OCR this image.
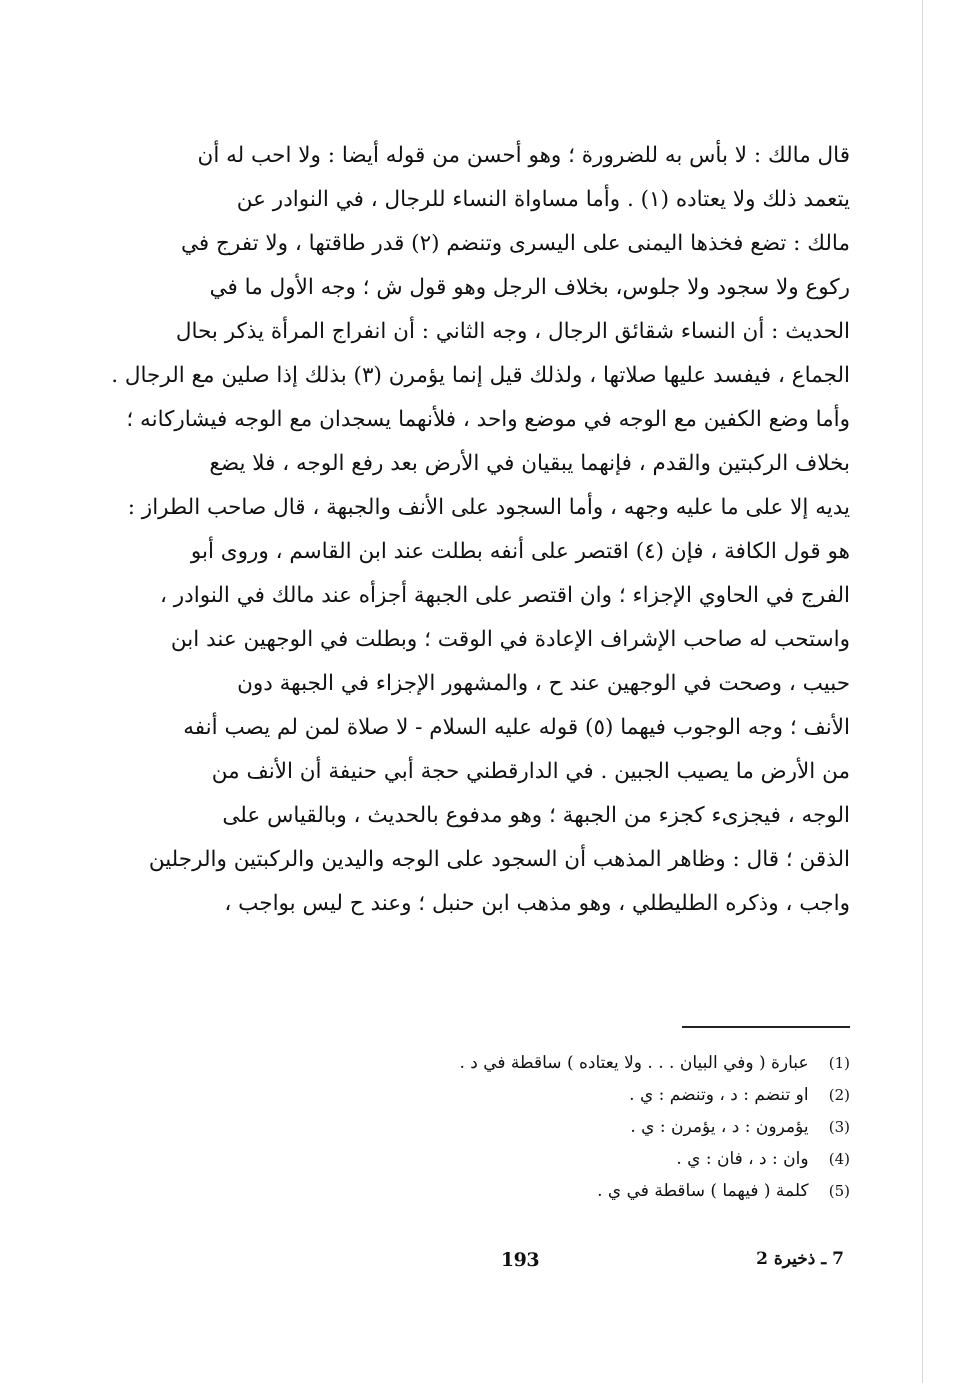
قال مالك : لا بأس به للضرورة ؛ وهو أحسن من قوله أيضا : ولا احب له أن
يتعمد ذلك ولا يعتاده (١) . وأما مساواة النساء للرجال ، في النوادر عن
مالك : تضع فخذها اليمنى على اليسرى وتنضم (٢) قدر طاقتها ، ولا تفرج في
ركوع ولا سجود ولا جلوس، بخلاف الرجل وهو قول ش ؛ وجه الأول ما في
الحديث : أن النساء شقائق الرجال ، وجه الثاني : أن انفراج المرأة يذكر بحال
الجماع ، فيفسد عليها صلاتها ، ولذلك قيل إنما يؤمرن (٣) بذلك إذا صلين مع الرجال .
وأما وضع الكفين مع الوجه في موضع واحد ، فلأنهما يسجدان مع الوجه فيشاركانه ؛
بخلاف الركبتين والقدم ، فإنهما يبقيان في الأرض بعد رفع الوجه ، فلا يضع
يديه إلا على ما عليه وجهه ، وأما السجود على الأنف والجبهة ، قال صاحب الطراز :
هو قول الكافة ، فإن (٤) اقتصر على أنفه بطلت عند ابن القاسم ، وروى أبو
الفرج في الحاوي الإجزاء ؛ وان اقتصر على الجبهة أجزأه عند مالك في النوادر ،
واستحب له صاحب الإشراف الإعادة في الوقت ؛ وبطلت في الوجهين عند ابن
حبيب ، وصحت في الوجهين عند ح ، والمشهور الإجزاء في الجبهة دون
الأنف ؛ وجه الوجوب فيهما (٥) قوله عليه السلام - لا صلاة لمن لم يصب أنفه
من الأرض ما يصيب الجبين . في الدارقطني حجة أبي حنيفة أن الأنف من
الوجه ، فيجزىء كجزء من الجبهة ؛ وهو مدفوع بالحديث ، وبالقياس على
الذقن ؛ قال : وظاهر المذهب أن السجود على الوجه واليدين والركبتين والرجلين
واجب ، وذكره الطليطلي ، وهو مذهب ابن حنبل ؛ وعند ح ليس بواجب ،
(1) عبارة ( وفي البيان . . . ولا يعتاده ) ساقطة في د .
(2) او تنضم : د ، وتنضم : ي .
(3) يؤمرون : د ، يؤمرن : ي .
(4) وان : د ، فان : ي .
(5) كلمة ( فيهما ) ساقطة في ي .
193	7 ـ ذخيرة 2
